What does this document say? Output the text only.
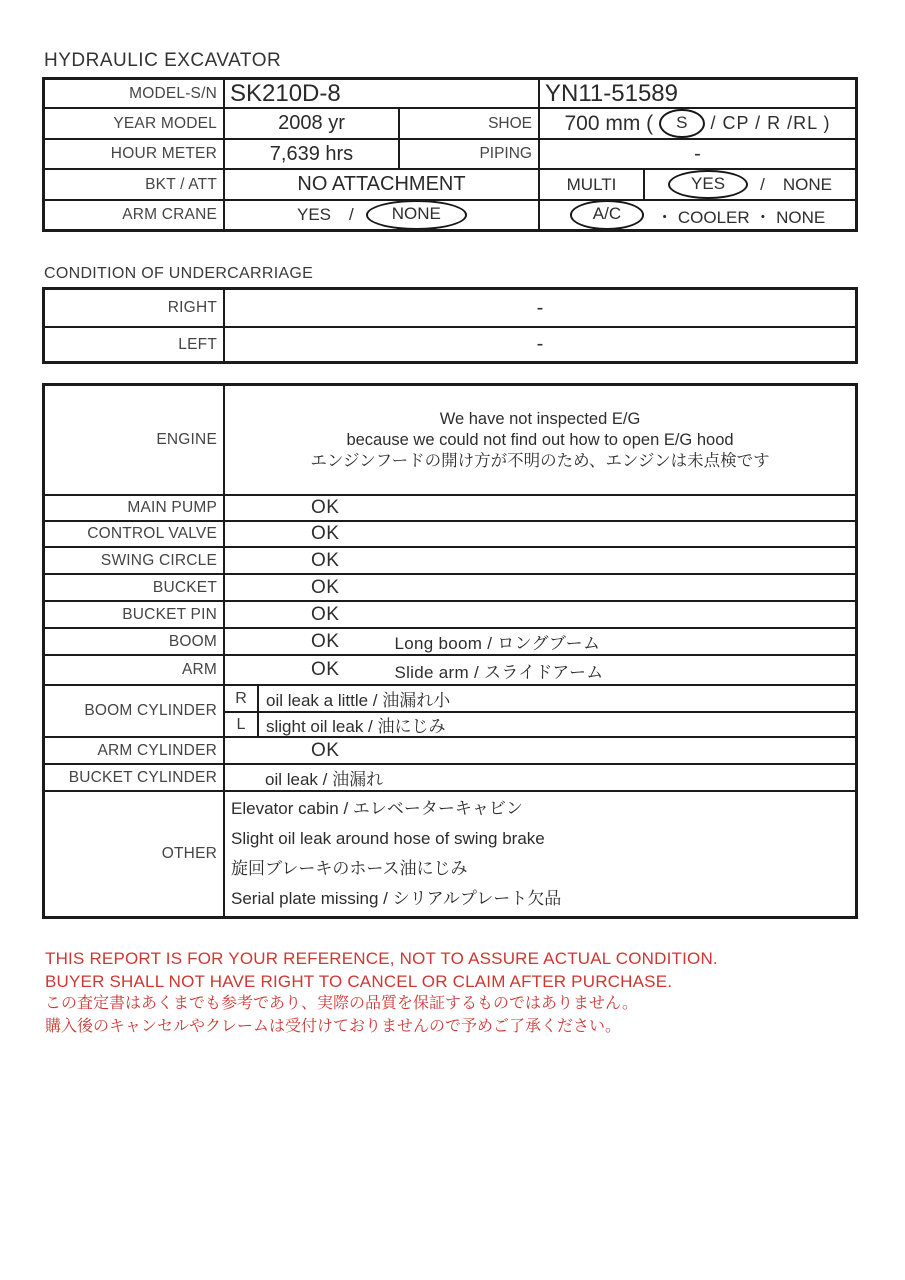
HYDRAULIC EXCAVATOR
MODEL-S/N SK210D-8	YN11-51589
YEAR MODEL	2008 yr	SHOE	700 mm (	S	/ CP / R /RL )
HOUR METER	7,639 hrs	PIPING	-
BKT / ATT	NO ATTACHMENT	MULTI	YES	/ NONE
ARM CRANE	YES /	NONE	A/C	・ COOLER ・ NONE
CONDITION OF UNDERCARRIAGE
RIGHT	-
LEFT	-
ENGINE
We have not inspected E/G
because we could not find out how to open E/G hood
エンジンフードの開け方が不明のため、エンジンは未点検です
MAIN PUMP	OK
CONTROL VALVE	OK
SWING CIRCLE	OK
BUCKET	OK
BUCKET PIN	OK
BOOM	OK	Long boom / ロングブーム
ARM	OK	Slide arm / スライドアーム
BOOM CYLINDER
R	oil leak a little / 油漏れ小
L	slight oil leak / 油にじみ
ARM CYLINDER	OK
BUCKET CYLINDER	oil leak / 油漏れ
OTHER
Elevator cabin / エレベーターキャビン
Slight oil leak around hose of swing brake
旋回ブレーキのホース油にじみ
Serial plate missing / シリアルプレート欠品
THIS REPORT IS FOR YOUR REFERENCE, NOT TO ASSURE ACTUAL CONDITION.
BUYER SHALL NOT HAVE RIGHT TO CANCEL OR CLAIM AFTER PURCHASE.
この査定書はあくまでも参考であり、実際の品質を保証するものではありません。
購入後のキャンセルやクレームは受付けておりませんので予めご了承ください。
